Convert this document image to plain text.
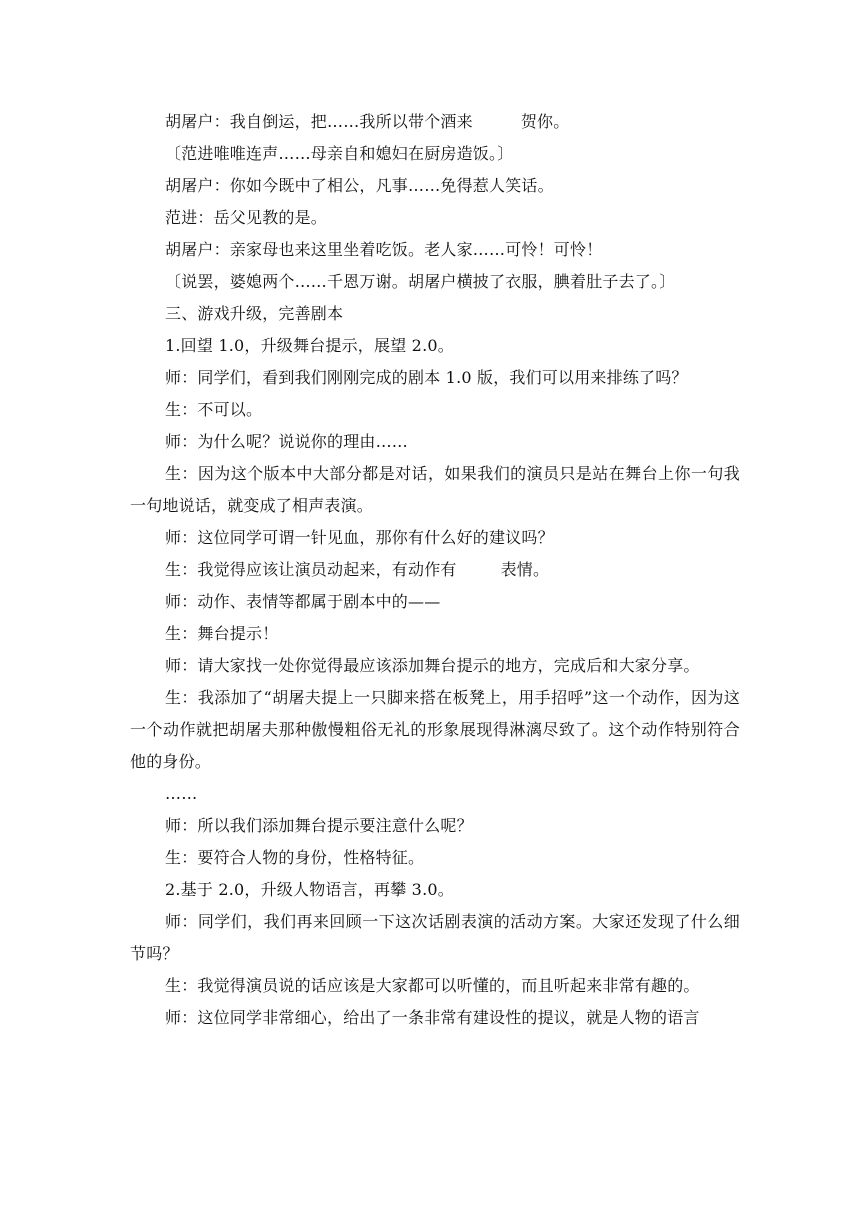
胡屠户：我自倒运，把……我所以带个酒来	贺你。
〔范进唯唯连声……母亲自和媳妇在厨房造饭。〕
胡屠户：你如今既中了相公，凡事……免得惹人笑话。
范进：岳父见教的是。
胡屠户：亲家母也来这里坐着吃饭。老人家……可怜！可怜！
〔说罢，婆媳两个……千恩万谢。胡屠户横披了衣服，腆着肚子去了。〕
三、游戏升级，完善剧本
1.回望 1.0，升级舞台提示，展望 2.0。
师：同学们，看到我们刚刚完成的剧本 1.0 版，我们可以用来排练了吗？
生：不可以。
师：为什么呢？说说你的理由……
生：因为这个版本中大部分都是对话，如果我们的演员只是站在舞台上你一句我一句地说话，就变成了相声表演。
师：这位同学可谓一针见血，那你有什么好的建议吗？
生：我觉得应该让演员动起来，有动作有	表情。
师：动作、表情等都属于剧本中的——
生：舞台提示！
师：请大家找一处你觉得最应该添加舞台提示的地方，完成后和大家分享。
生：我添加了“胡屠夫提上一只脚来搭在板凳上，用手招呼”这一个动作，因为这一个动作就把胡屠夫那种傲慢粗俗无礼的形象展现得淋漓尽致了。这个动作特别符合他的身份。
……
师：所以我们添加舞台提示要注意什么呢？
生：要符合人物的身份，性格特征。
2.基于 2.0，升级人物语言，再攀 3.0。
师：同学们，我们再来回顾一下这次话剧表演的活动方案。大家还发现了什么细节吗？
生：我觉得演员说的话应该是大家都可以听懂的，而且听起来非常有趣的。
师：这位同学非常细心，给出了一条非常有建设性的提议，就是人物的语言
